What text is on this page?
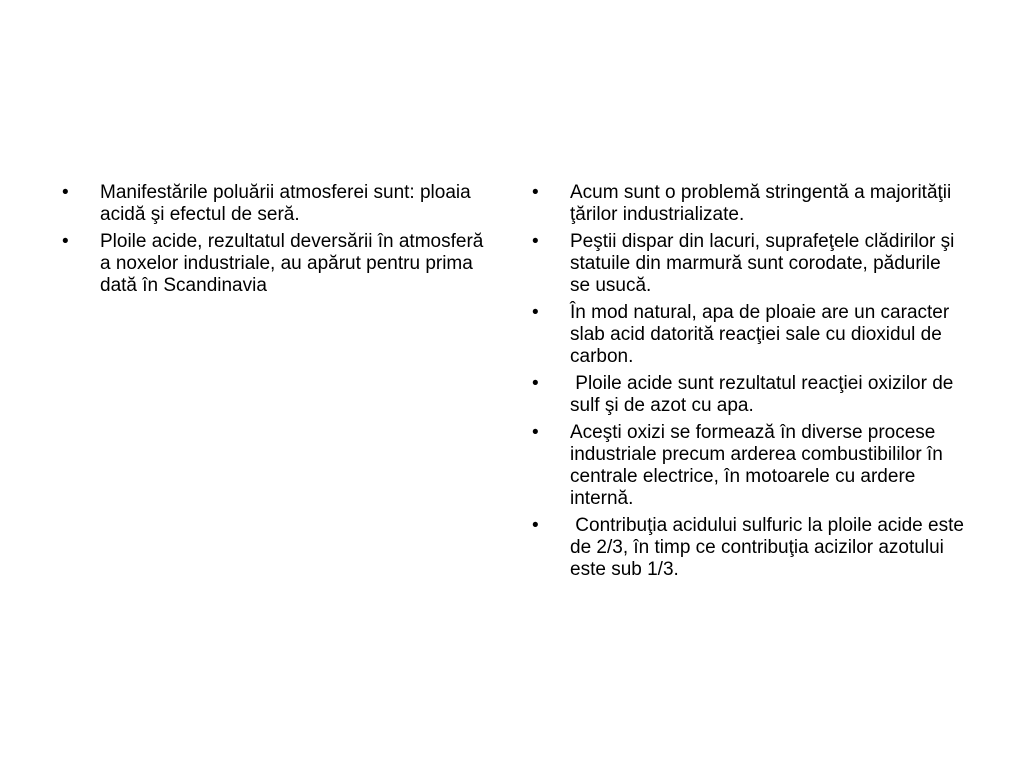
•	Manifestările poluării atmosferei sunt: ploaia acidă şi efectul de seră.
•	Ploile acide, rezultatul deversării în atmosferă a noxelor industriale, au apărut pentru prima dată în Scandinavia
•	Acum sunt o problemă stringentă a majorităţii ţărilor industrializate.
•	Peştii dispar din lacuri, suprafeţele clădirilor şi statuile din marmură sunt corodate, pădurile se usucă.
•	În mod natural, apa de ploaie are un caracter slab acid datorită reacţiei sale cu dioxidul de carbon.
•	Ploile acide sunt rezultatul reacţiei oxizilor de sulf şi de azot cu apa.
•	Aceşti oxizi se formează în diverse procese industriale precum arderea combustibililor în centrale electrice, în motoarele cu ardere internă.
•	Contribuţia acidului sulfuric la ploile acide este de 2/3, în timp ce contribuţia acizilor azotului este sub 1/3.
